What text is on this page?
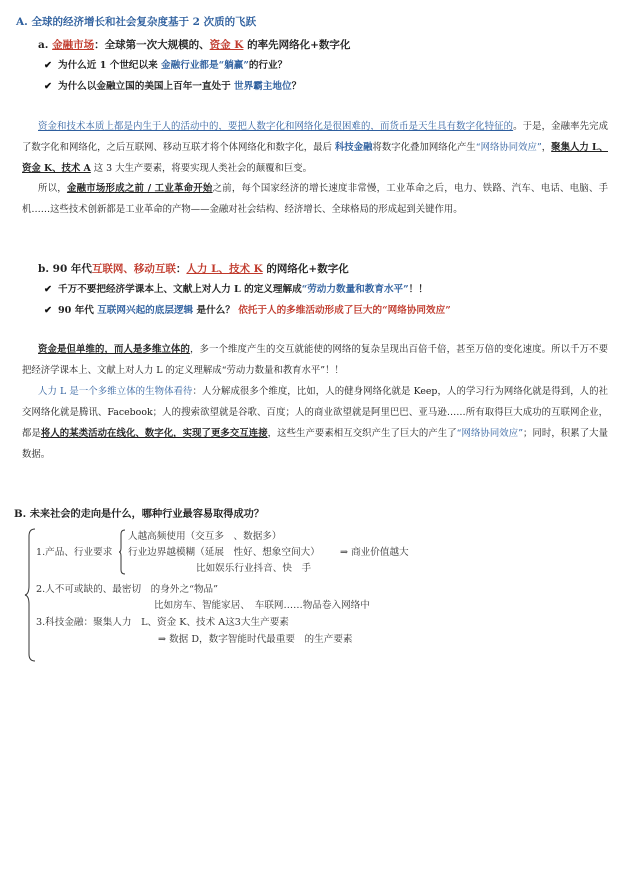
A. 全球的经济增长和社会复杂度基于 2 次质的飞跃
a. 金融市场：全球第一次大规模的、资金 K 的率先网络化+数字化
✔ 为什么近 1 个世纪以来 金融行业都是“躺赢”的行业？
✔ 为什么以金融立国的美国上百年一直处于 世界霸主地位？
资金和技术本质上都是内生于人的活动中的，要把人数字化和网络化是很困难的，而货币是天生具有数字化特征的。于是，金融率先完成了数字化和网络化，之后互联网、移动互联才将个体网络化和数字化，最后 科技金融将数字化叠加网络化产生“网络协同效应”，聚集人力 L、资金 K、技术 A 这 3 大生产要素，将要实现人类社会的颠覆和巨变。
所以，金融市场形成之前 / 工业革命开始之前，每个国家经济的增长速度非常慢，工业革命之后，电力、铁路、汽车、电话、电脑、手机……这些技术创新都是工业革命的产物——金融对社会结构、经济增长、全球格局的形成起到关键作用。
b. 90 年代互联网、移动互联：人力 L、技术 K 的网络化+数字化
✔ 千万不要把经济学课本上、文献上对人力 L 的定义理解成“劳动力数量和教育水平”！！
✔ 90 年代 互联网兴起的底层逻辑 是什么？ 依托于人的多维活动形成了巨大的“网络协同效应”
资金是但单维的，而人是多维立体的，多一个维度产生的交互就能使的网络的复杂呈现出百倍千倍，甚至万倍的变化速度。所以千万不要把经济学课本上、文献上对人力 L 的定义理解成“劳动力数量和教育水平”！！
人力 L 是一个多维立体的生物体看待：人分解成很多个维度，比如，人的健身网络化就是 Keep，人的学习行为网络化就是得到，人的社交网络化就是腾讯、Facebook；人的搜索欲望就是谷歌、百度；人的商业欲望就是阿里巴巴、亚马逊……所有取得巨大成功的互联网企业，都是将人的某类活动在线化、数字化，实现了更多交互连接，这些生产要素相互交织产生了巨大的产生了“网络协同效应”；同时，积累了大量数据。
B. 未来社会的走向是什么，哪种行业最容易取得成功？
1.产品、行业要求
人越高频使用（交互多　、数据多）
行业边界越模糊（延展　性好、想象空间大） ⇒ 商业价值越大
比如娱乐行业抖音、快　手
2.人不可或缺的、最密切　的身外之“物品”
比如房车、智能家居、　车联网……物品卷入网络中
3.科技金融：聚集人力　L、资金 K、技术 A这3大生产要素
⇒ 数据 D，数字智能时代最重要　的生产要素
